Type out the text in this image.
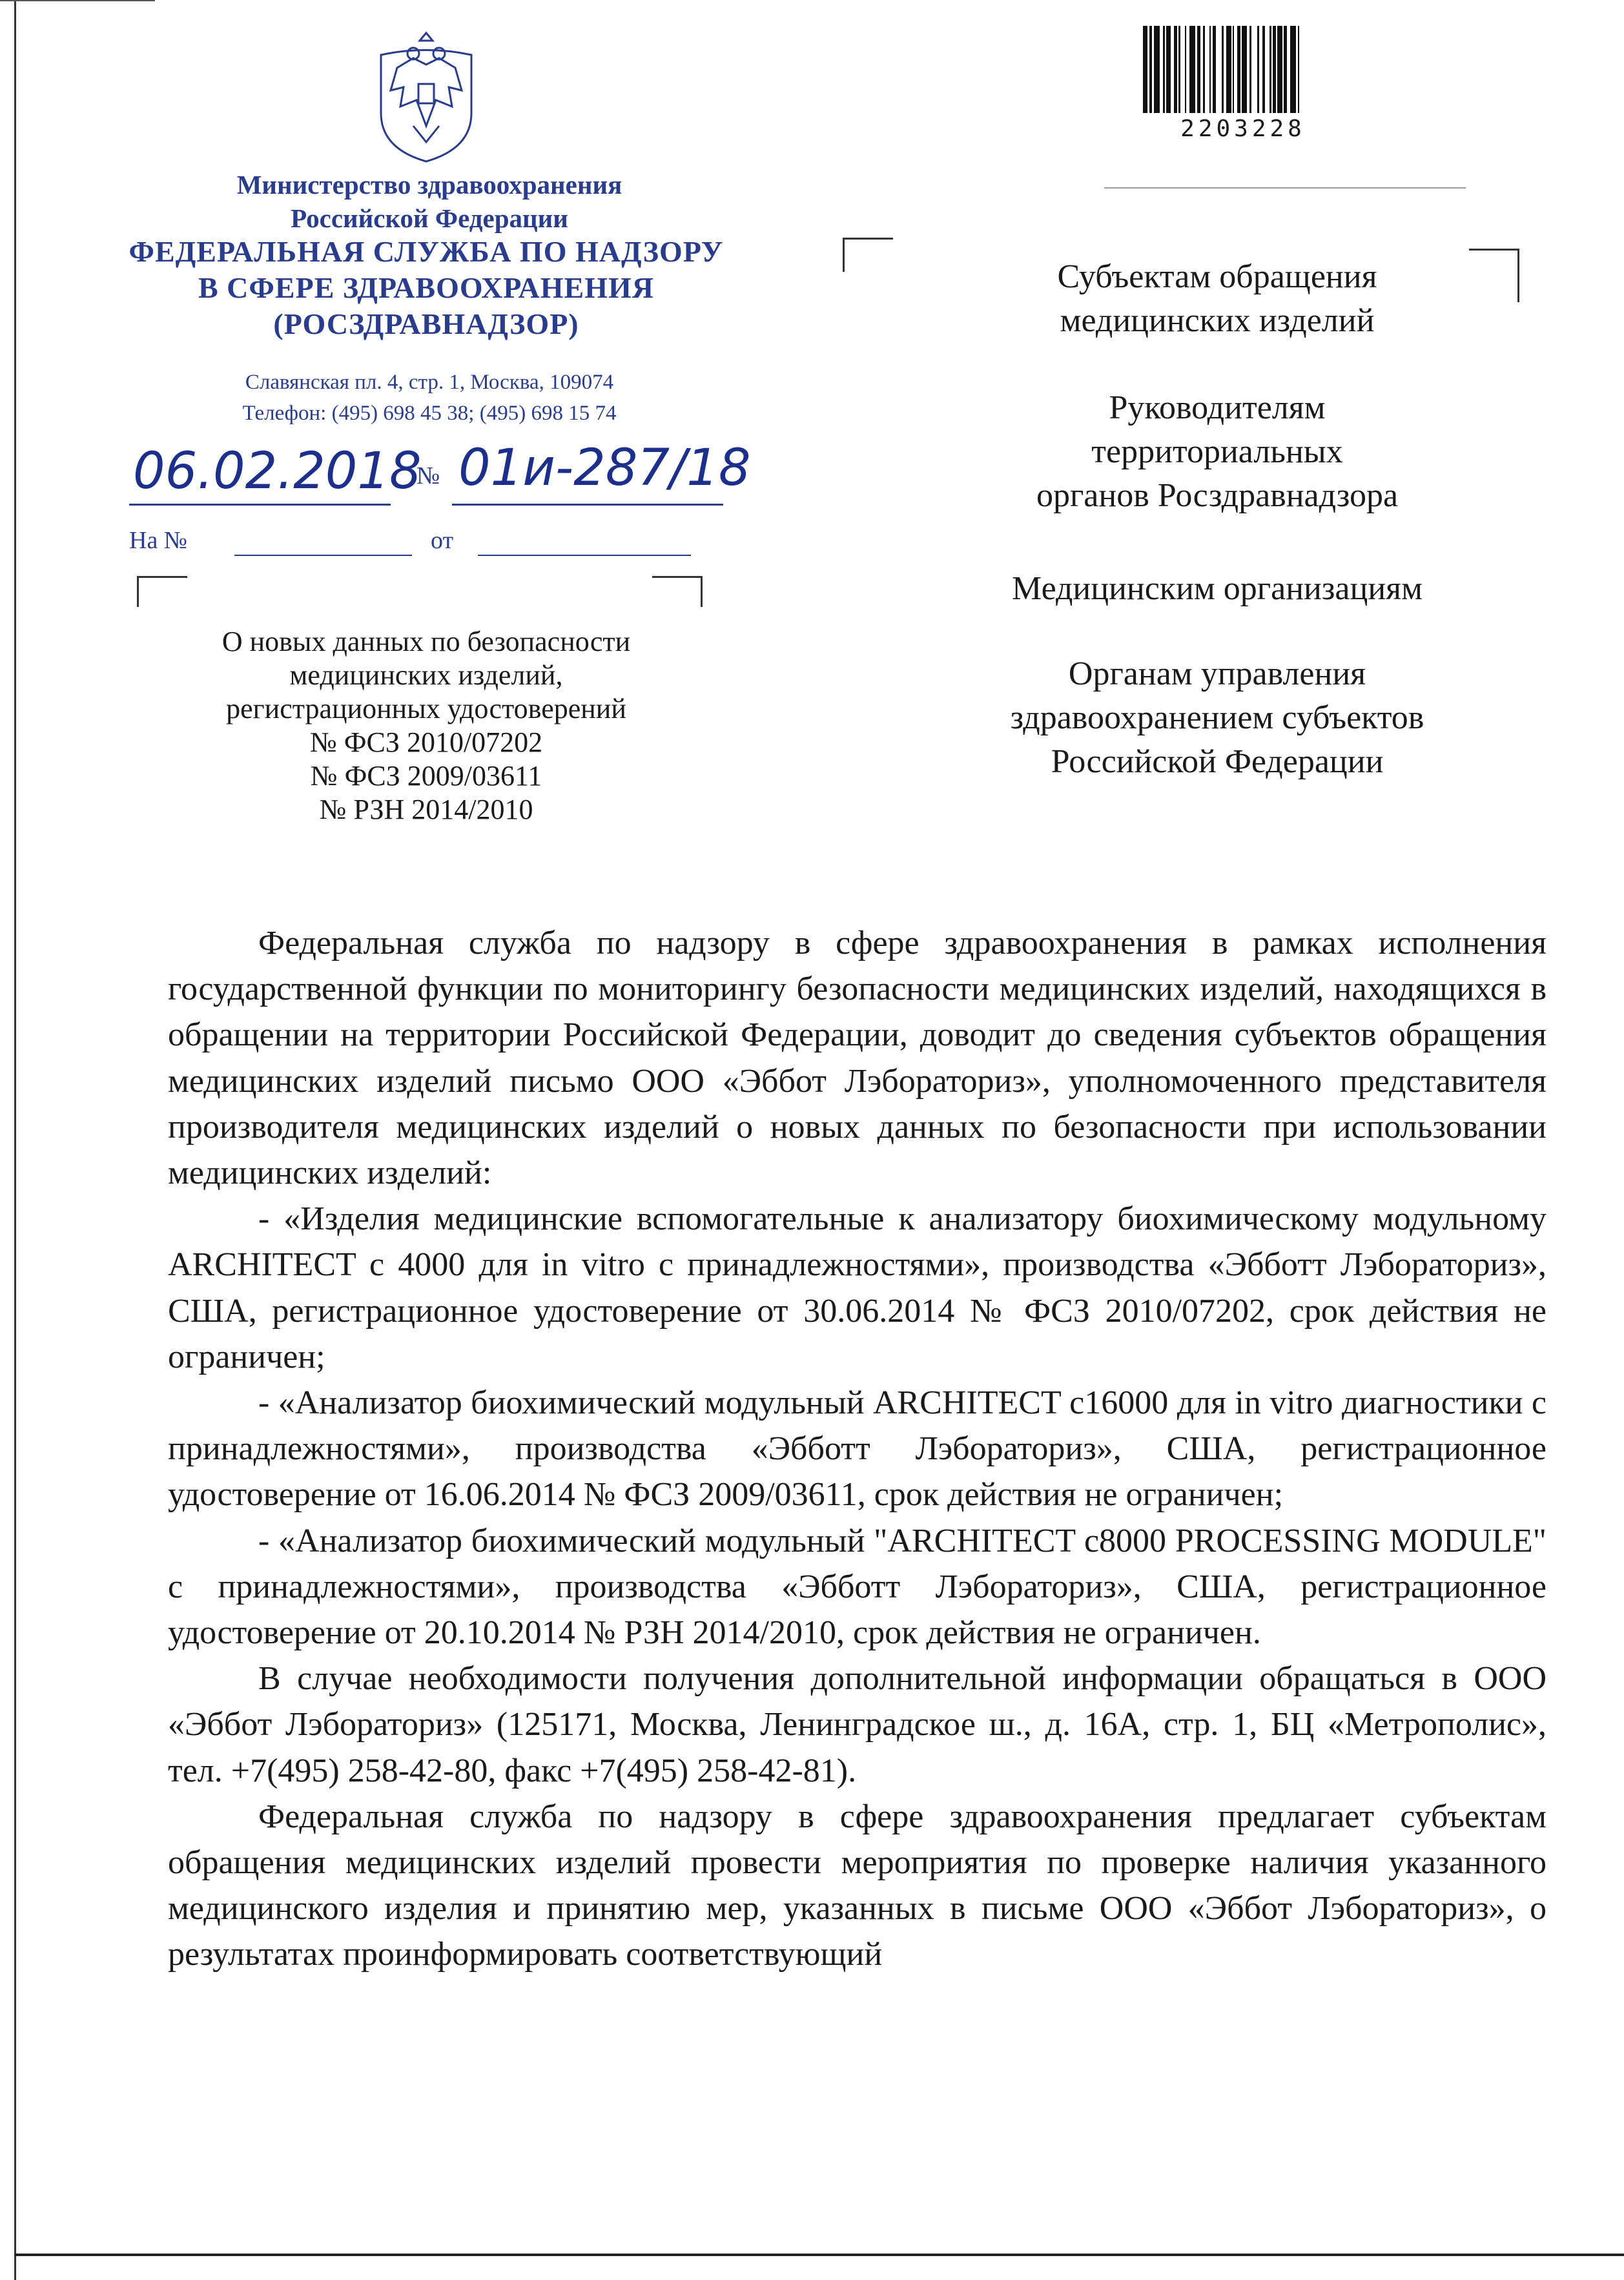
Министерство здравоохранения
Российской Федерации
ФЕДЕРАЛЬНАЯ СЛУЖБА ПО НАДЗОРУ
В СФЕРЕ ЗДРАВООХРАНЕНИЯ
(РОСЗДРАВНАДЗОР)
Славянская пл. 4, стр. 1, Москва, 109074
Телефон: (495) 698 45 38; (495) 698 15 74
06.02.2018
№ 01и-287/18
На №	от
О новых данных по безопасности
медицинских изделий,
регистрационных удостоверений
№ ФСЗ 2010/07202
№ ФСЗ 2009/03611
№ РЗН 2014/2010
2203228
Субъектам обращения
медицинских изделий
Руководителям
территориальных
органов Росздравнадзора
Медицинским организациям
Органам управления
здравоохранением субъектов
Российской Федерации

Федеральная служба по надзору в сфере здравоохранения в рамках исполнения государственной функции по мониторингу безопасности медицинских изделий, находящихся в обращении на территории Российской Федерации, доводит до сведения субъектов обращения медицинских изделий письмо ООО «Эббот Лэбораториз», уполномоченного представителя производителя медицинских изделий о новых данных по безопасности при использовании медицинских изделий:

- «Изделия медицинские вспомогательные к анализатору биохимическому модульному ARCHITECT c 4000 для in vitro с принадлежностями», производства «Эбботт Лэбораториз», США, регистрационное удостоверение от 30.06.2014 № ФСЗ 2010/07202, срок действия не ограничен;

- «Анализатор биохимический модульный ARCHITECT c16000 для in vitro диагностики с принадлежностями», производства «Эбботт Лэбораториз», США, регистрационное удостоверение от 16.06.2014 № ФСЗ 2009/03611, срок действия не ограничен;

- «Анализатор биохимический модульный "ARCHITECT c8000 PROCESSING MODULE" с принадлежностями», производства «Эбботт Лэбораториз», США, регистрационное удостоверение от 20.10.2014 № РЗН 2014/2010, срок действия не ограничен.

В случае необходимости получения дополнительной информации обращаться в ООО «Эббот Лэбораториз» (125171, Москва, Ленинградское ш., д. 16А, стр. 1, БЦ «Метрополис», тел. +7(495) 258-42-80, факс +7(495) 258-42-81).

Федеральная служба по надзору в сфере здравоохранения предлагает субъектам обращения медицинских изделий провести мероприятия по проверке наличия указанного медицинского изделия и принятию мер, указанных в письме ООО «Эббот Лэбораториз», о результатах проинформировать соответствующий
